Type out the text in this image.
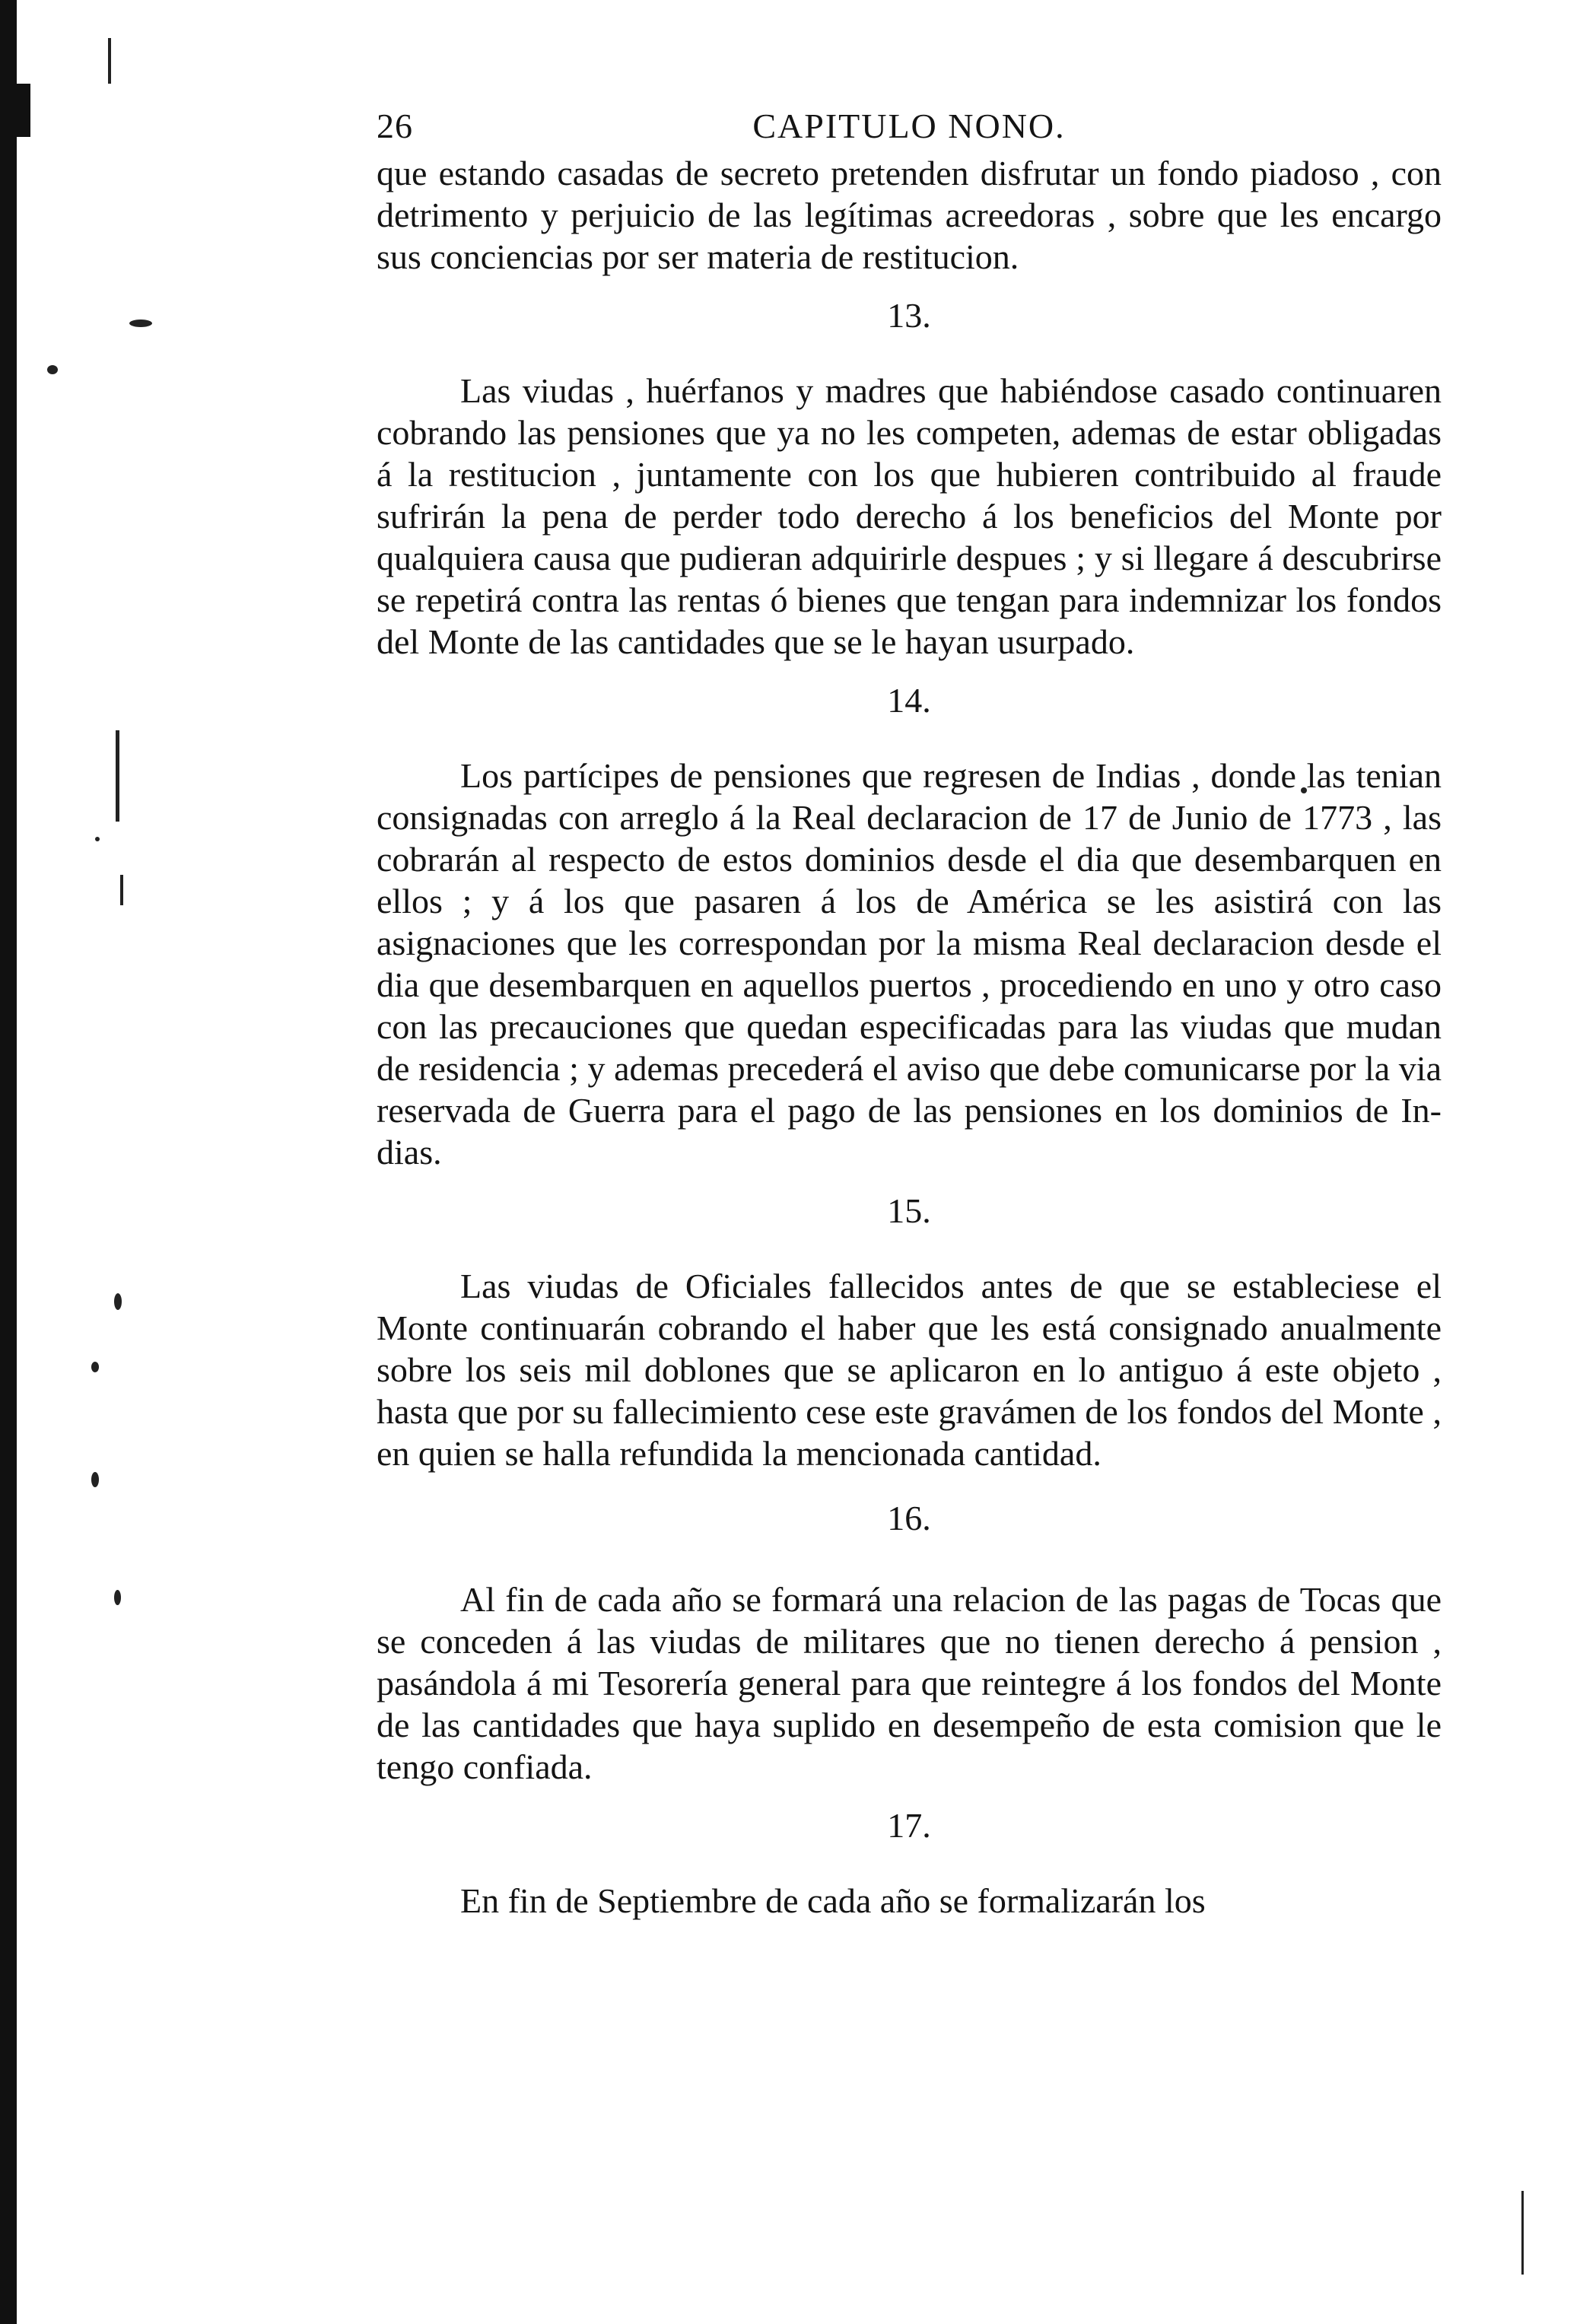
26	CAPITULO NONO.

que estando casadas de secreto pretenden disfrutar un fondo piadoso , con detrimento y perjuicio de las legítimas acreedoras , sobre que les encargo sus conciencias por ser materia de restitucion.

13.

Las viudas , huérfanos y madres que habiéndose casado continuaren cobrando las pensiones que ya no les competen, ademas de estar obligadas á la restitucion , juntamente con los que hubieren contribuido al fraude sufrirán la pena de perder todo derecho á los beneficios del Monte por qualquiera causa que pudieran adquirirle despues ; y si llegare á descubrirse se repetirá contra las rentas ó bienes que tengan para indemnizar los fondos del Monte de las cantidades que se le hayan usurpado.

14.

Los partícipes de pensiones que regresen de Indias , donde las tenian consignadas con arreglo á la Real declaracion de 17 de Junio de 1773 , las cobrarán al respecto de estos dominios desde el dia que desembarquen en ellos ; y á los que pasaren á los de América se les asistirá con las asignaciones que les correspondan por la misma Real declaracion desde el dia que desembarquen en aquellos puertos , procediendo en uno y otro caso con las precauciones que quedan especificadas para las viudas que mudan de residencia ; y ademas precederá el aviso que debe comunicarse por la via reservada de Guerra para el pago de las pensiones en los dominios de Indias.

15.

Las viudas de Oficiales fallecidos antes de que se estableciese el Monte continuarán cobrando el haber que les está consignado anualmente sobre los seis mil doblones que se aplicaron en lo antiguo á este objeto , hasta que por su fallecimiento cese este gravámen de los fondos del Monte , en quien se halla refundida la mencionada cantidad.

16.

Al fin de cada año se formará una relacion de las pagas de Tocas que se conceden á las viudas de militares que no tienen derecho á pension , pasándola á mi Tesorería general para que reintegre á los fondos del Monte de las cantidades que haya suplido en desempeño de esta comision que le tengo confiada.

17.

En fin de Septiembre de cada año se formalizarán los
